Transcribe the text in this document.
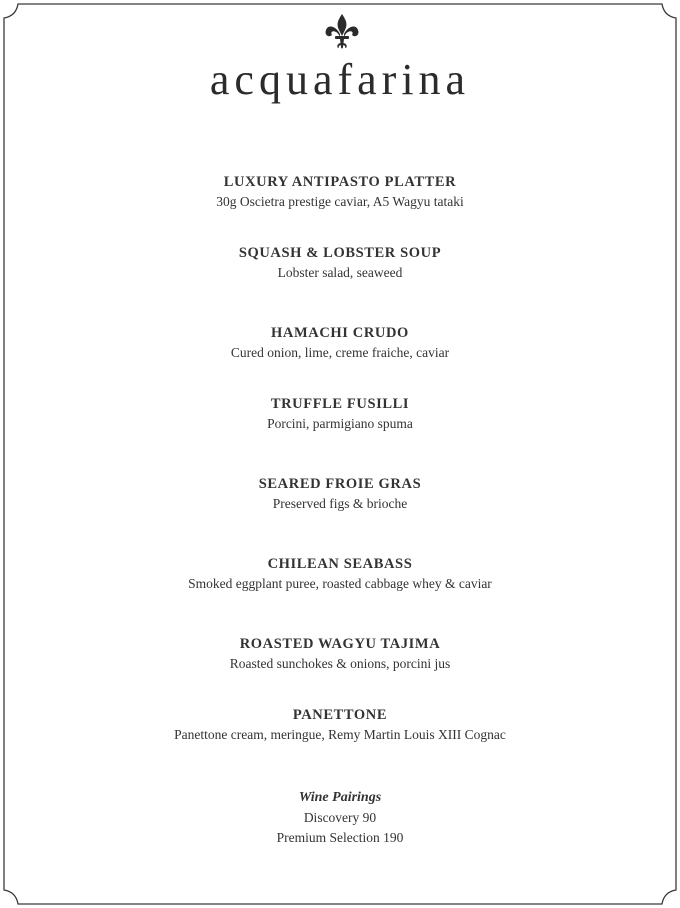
acquafarina
LUXURY ANTIPASTO PLATTER
30g Oscietra prestige caviar, A5 Wagyu tataki
SQUASH & LOBSTER SOUP
Lobster salad, seaweed
HAMACHI CRUDO
Cured onion, lime, creme fraiche, caviar
TRUFFLE FUSILLI
Porcini, parmigiano spuma
SEARED FROIE GRAS
Preserved figs & brioche
CHILEAN SEABASS
Smoked eggplant puree, roasted cabbage whey & caviar
ROASTED WAGYU TAJIMA
Roasted sunchokes & onions, porcini jus
PANETTONE
Panettone cream, meringue, Remy Martin Louis XIII Cognac
Wine Pairings
Discovery 90
Premium Selection 190
